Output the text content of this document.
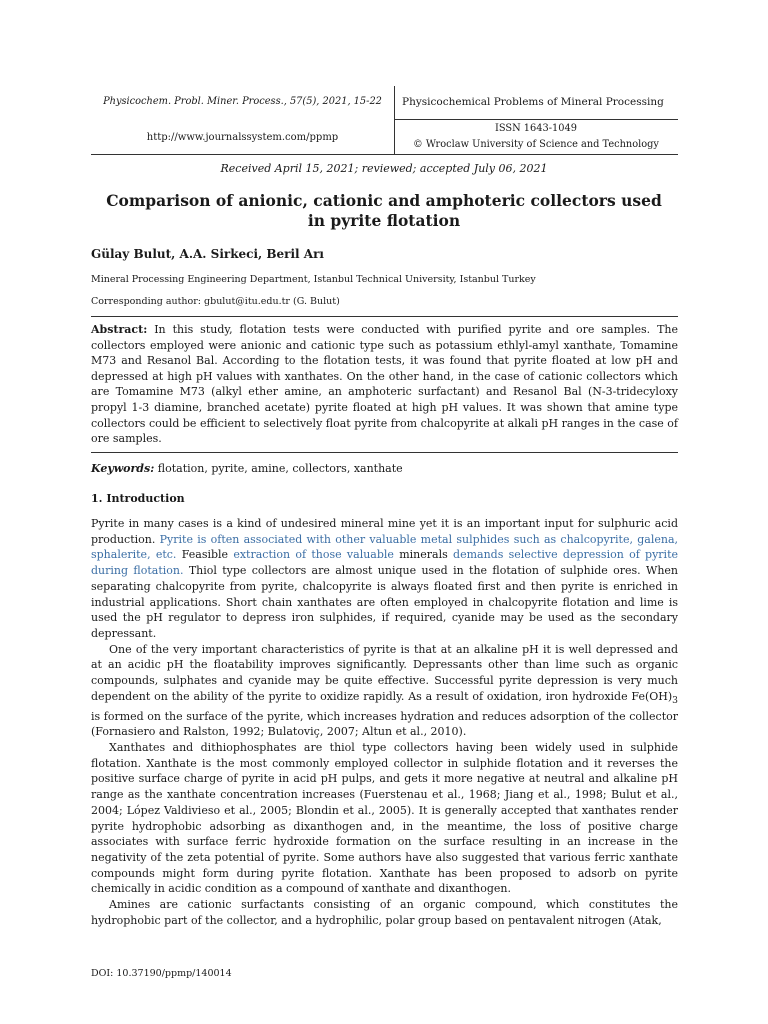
Physicochem. Probl. Miner. Process., 57(5), 2021, 15-22
http://www.journalssystem.com/ppmp
Physicochemical Problems of Mineral Processing
ISSN 1643-1049
© Wroclaw University of Science and Technology
Received April 15, 2021; reviewed; accepted July 06, 2021
Comparison of anionic, cationic and amphoteric collectors used in pyrite flotation
Gülay Bulut, A.A. Sirkeci, Beril Arı
Mineral Processing Engineering Department, Istanbul Technical University, Istanbul Turkey
Corresponding author: gbulut@itu.edu.tr (G. Bulut)
Abstract: In this study, flotation tests were conducted with purified pyrite and ore samples. The collectors employed were anionic and cationic type such as potassium ethlyl-amyl xanthate, Tomamine M73 and Resanol Bal. According to the flotation tests, it was found that pyrite floated at low pH and depressed at high pH values with xanthates. On the other hand, in the case of cationic collectors which are Tomamine M73 (alkyl ether amine, an amphoteric surfactant) and Resanol Bal (N-3-tridecyloxy propyl 1-3 diamine, branched acetate) pyrite floated at high pH values. It was shown that amine type collectors could be efficient to selectively float pyrite from chalcopyrite at alkali pH ranges in the case of ore samples.
Keywords: flotation, pyrite, amine, collectors, xanthate
1. Introduction

Pyrite in many cases is a kind of undesired mineral mine yet it is an important input for sulphuric acid production. Pyrite is often associated with other valuable metal sulphides such as chalcopyrite, galena, sphalerite, etc. Feasible extraction of those valuable minerals demands selective depression of pyrite during flotation. Thiol type collectors are almost unique used in the flotation of sulphide ores. When separating chalcopyrite from pyrite, chalcopyrite is always floated first and then pyrite is enriched in industrial applications. Short chain xanthates are often employed in chalcopyrite flotation and lime is used the pH regulator to depress iron sulphides, if required, cyanide may be used as the secondary depressant.

One of the very important characteristics of pyrite is that at an alkaline pH it is well depressed and at an acidic pH the floatability improves significantly. Depressants other than lime such as organic compounds, sulphates and cyanide may be quite effective. Successful pyrite depression is very much dependent on the ability of the pyrite to oxidize rapidly. As a result of oxidation, iron hydroxide $Fe(OH)_3$ is formed on the surface of the pyrite, which increases hydration and reduces adsorption of the collector (Fornasiero and Ralston, 1992; Bulatoviç, 2007; Altun et al., 2010).

Xanthates and dithiophosphates are thiol type collectors having been widely used in sulphide flotation. Xanthate is the most commonly employed collector in sulphide flotation and it reverses the positive surface charge of pyrite in acid pH pulps, and gets it more negative at neutral and alkaline pH range as the xanthate concentration increases (Fuerstenau et al., 1968; Jiang et al., 1998; Bulut et al., 2004; López Valdivieso et al., 2005; Blondin et al., 2005). It is generally accepted that xanthates render pyrite hydrophobic adsorbing as dixanthogen and, in the meantime, the loss of positive charge associates with surface ferric hydroxide formation on the surface resulting in an increase in the negativity of the zeta potential of pyrite. Some authors have also suggested that various ferric xanthate compounds might form during pyrite flotation. Xanthate has been proposed to adsorb on pyrite chemically in acidic condition as a compound of xanthate and dixanthogen.

Amines are cationic surfactants consisting of an organic compound, which constitutes the hydrophobic part of the collector, and a hydrophilic, polar group based on pentavalent nitrogen (Atak,

DOI: 10.37190/ppmp/140014
